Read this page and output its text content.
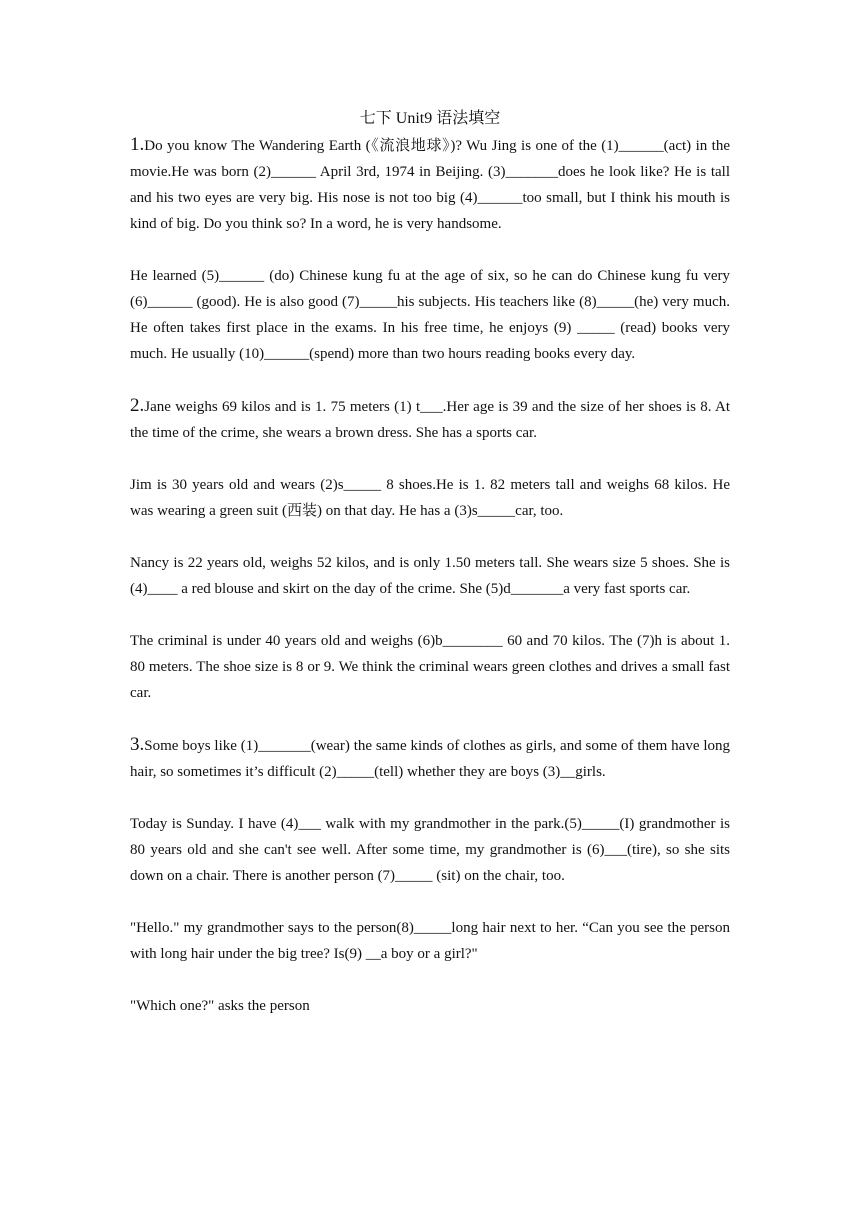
七下 Unit9 语法填空

1.Do you know The Wandering Earth (《流浪地球》)? Wu Jing is one of the (1)______(act) in the movie.He was born (2)______ April 3rd, 1974 in Beijing. (3)_______does he look like? He is tall and his two eyes are very big. His nose is not too big (4)______too small, but I think his mouth is kind of big. Do you think so? In a word, he is very handsome.

He learned (5)______ (do) Chinese kung fu at the age of six, so he can do Chinese kung fu very (6)______ (good). He is also good (7)_____his subjects. His teachers like (8)_____(he) very much. He often takes first place in the exams. In his free time, he enjoys (9) _____ (read) books very much. He usually (10)______(spend) more than two hours reading books every day.

2.Jane weighs 69 kilos and is 1. 75 meters (1) t___.Her age is 39 and the size of her shoes is 8. At the time of the crime, she wears a brown dress. She has a sports car.

Jim is 30 years old and wears (2)s_____ 8 shoes.He is 1. 82 meters tall and weighs 68 kilos. He was wearing a green suit (西装) on that day. He has a (3)s_____car, too.

Nancy is 22 years old, weighs 52 kilos, and is only 1.50 meters tall. She wears size 5 shoes. She is (4)____ a red blouse and skirt on the day of the crime. She (5)d_______a very fast sports car.

The criminal is under 40 years old and weighs (6)b________ 60 and 70 kilos. The (7)h is about 1. 80 meters. The shoe size is 8 or 9. We think the criminal wears green clothes and drives a small fast car.

3.Some boys like (1)_______(wear) the same kinds of clothes as girls, and some of them have long hair, so sometimes it’s difficult (2)_____(tell) whether they are boys (3)__girls.

Today is Sunday. I have (4)___ walk with my grandmother in the park.(5)_____(I) grandmother is 80 years old and she can't see well. After some time, my grandmother is (6)___(tire), so she sits down on a chair. There is another person (7)_____ (sit) on the chair, too.

"Hello." my grandmother says to the person(8)_____long hair next to her. “Can you see the person with long hair under the big tree? Is(9) __a boy or a girl?"

"Which one?" asks the person
